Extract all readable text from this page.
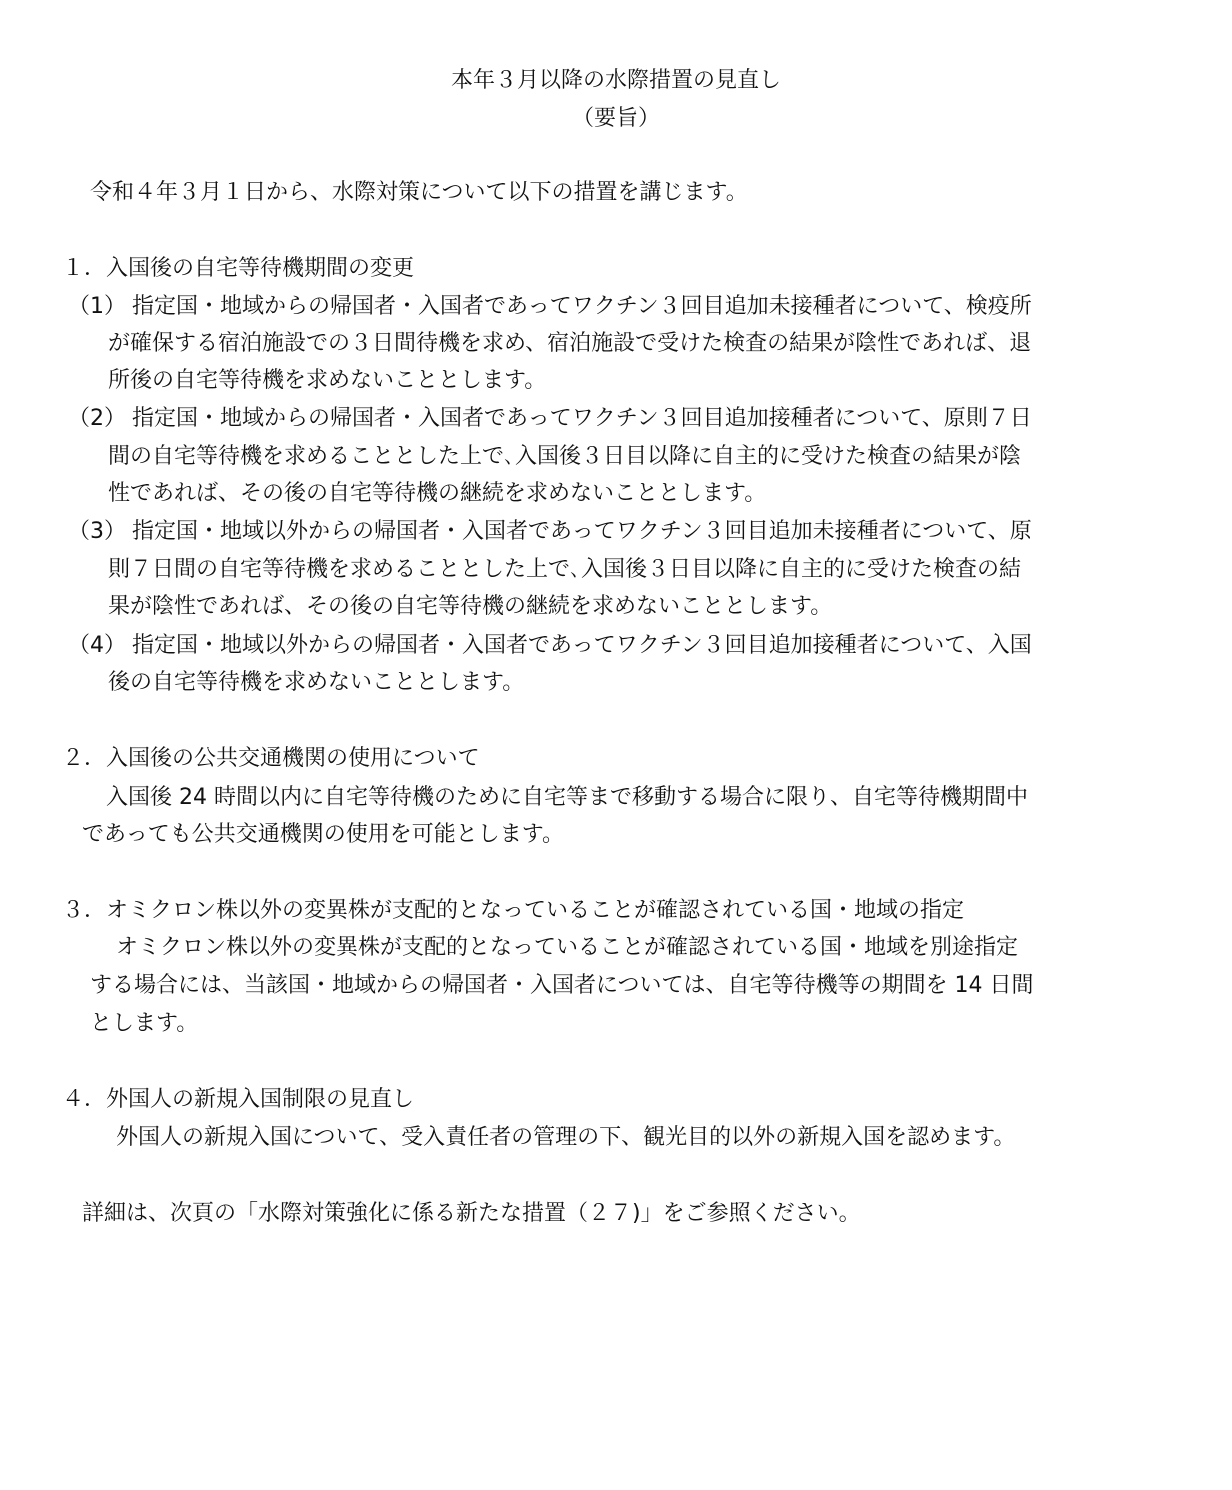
本年３月以降の水際措置の見直し
（要旨）
令和４年３月１日から、水際対策について以下の措置を講じます。
１．入国後の自宅等待機期間の変更
（1） 指定国・地域からの帰国者・入国者であってワクチン３回目追加未接種者について、検疫所
が確保する宿泊施設での３日間待機を求め、宿泊施設で受けた検査の結果が陰性であれば、退
所後の自宅等待機を求めないこととします。
（2） 指定国・地域からの帰国者・入国者であってワクチン３回目追加接種者について、原則７日
間の自宅等待機を求めることとした上で､入国後３日目以降に自主的に受けた検査の結果が陰
性であれば、その後の自宅等待機の継続を求めないこととします。
（3） 指定国・地域以外からの帰国者・入国者であってワクチン３回目追加未接種者について、原
則７日間の自宅等待機を求めることとした上で､入国後３日目以降に自主的に受けた検査の結
果が陰性であれば、その後の自宅等待機の継続を求めないこととします。
（4） 指定国・地域以外からの帰国者・入国者であってワクチン３回目追加接種者について、入国
後の自宅等待機を求めないこととします。
２．入国後の公共交通機関の使用について
入国後 24 時間以内に自宅等待機のために自宅等まで移動する場合に限り、自宅等待機期間中
であっても公共交通機関の使用を可能とします。
３．オミクロン株以外の変異株が支配的となっていることが確認されている国・地域の指定
オミクロン株以外の変異株が支配的となっていることが確認されている国・地域を別途指定
する場合には、当該国・地域からの帰国者・入国者については、自宅等待機等の期間を 14 日間
とします。
４．外国人の新規入国制限の見直し
外国人の新規入国について、受入責任者の管理の下、観光目的以外の新規入国を認めます。
詳細は、次頁の「水際対策強化に係る新たな措置（２７)」をご参照ください。
